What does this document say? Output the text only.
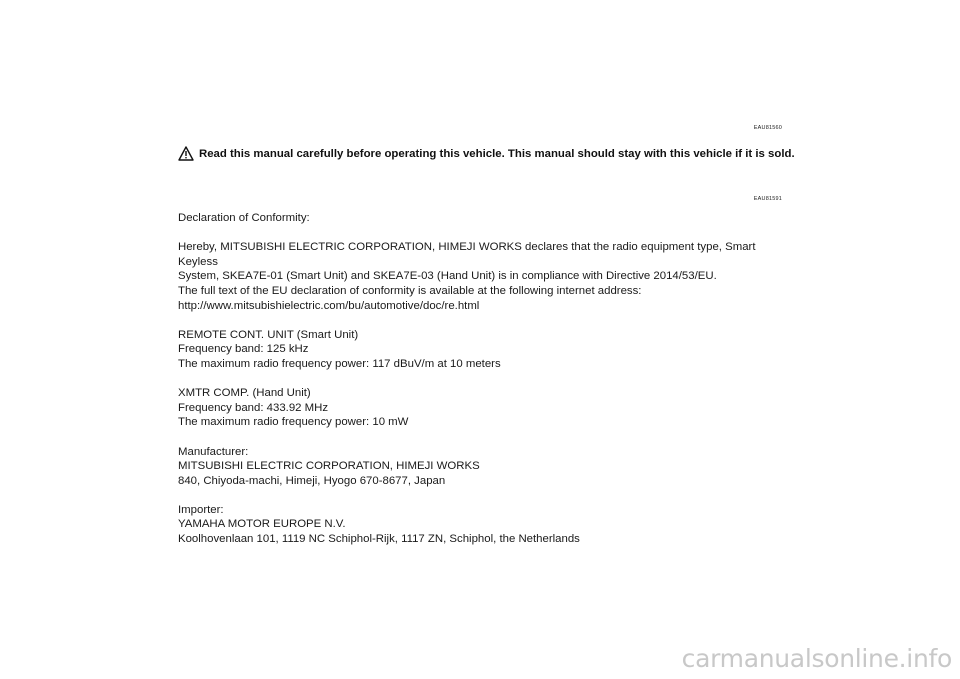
EAU81560
Read this manual carefully before operating this vehicle. This manual should stay with this vehicle if it is sold.
EAU81591

Declaration of Conformity:

Hereby, MITSUBISHI ELECTRIC CORPORATION, HIMEJI WORKS declares that the radio equipment type, Smart Keyless

System, SKEA7E-01 (Smart Unit) and SKEA7E-03 (Hand Unit) is in compliance with Directive 2014/53/EU.

The full text of the EU declaration of conformity is available at the following internet address:

http://www.mitsubishielectric.com/bu/automotive/doc/re.html

REMOTE CONT. UNIT (Smart Unit)

Frequency band: 125 kHz

The maximum radio frequency power: 117 dBuV/m at 10 meters

XMTR COMP. (Hand Unit)

Frequency band: 433.92 MHz

The maximum radio frequency power: 10 mW

Manufacturer:

MITSUBISHI ELECTRIC CORPORATION, HIMEJI WORKS

840, Chiyoda-machi, Himeji, Hyogo 670-8677, Japan

Importer:

YAMAHA MOTOR EUROPE N.V.

Koolhovenlaan 101, 1119 NC Schiphol-Rijk, 1117 ZN, Schiphol, the Netherlands

carmanualsonline.info
